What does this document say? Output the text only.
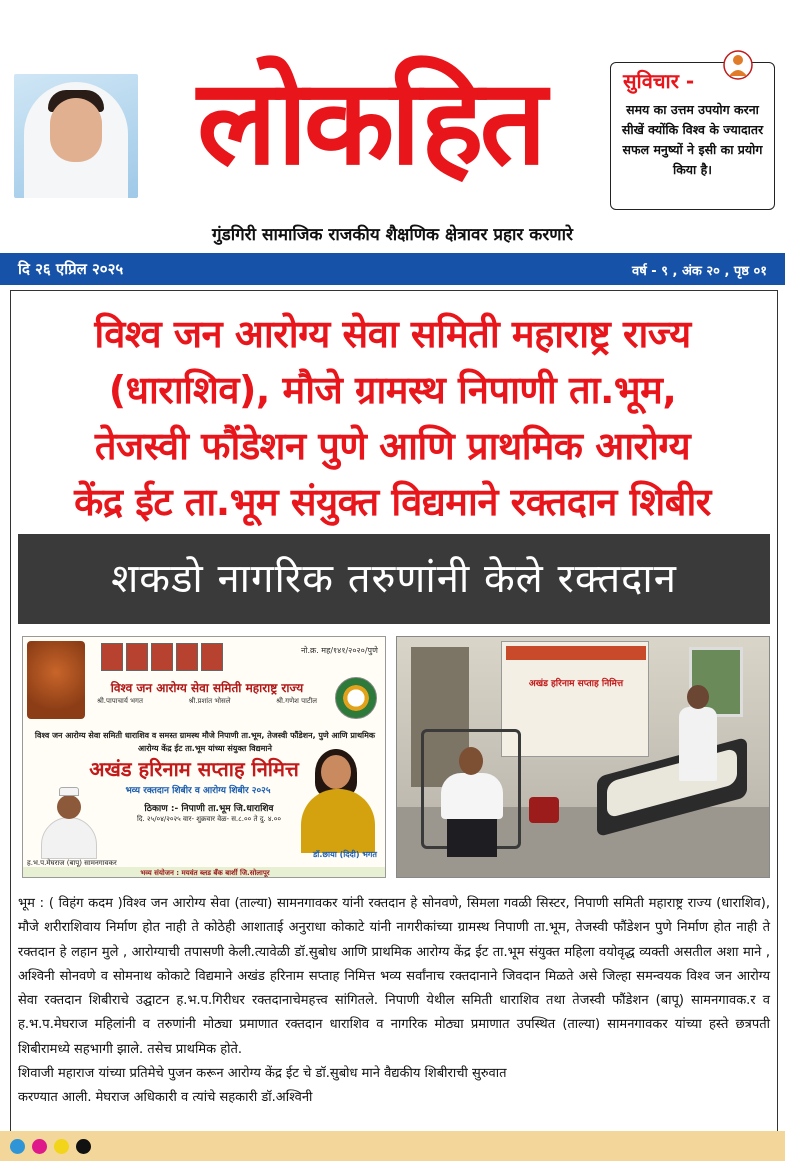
लोकहित	सुविचार -
समय का उत्तम उपयोग करना सीखें क्योंकि विश्व के ज्यादातर सफल मनुष्यों ने इसी का प्रयोग किया है।
गुंडगिरी सामाजिक राजकीय शैक्षणिक क्षेत्रावर प्रहार करणारे
दि २६ एप्रिल २०२५	वर्ष - ९ , अंक २० , पृष्ठ ०१
विश्व जन आरोग्य सेवा समिती महाराष्ट्र राज्य
(धाराशिव), मौजे ग्रामस्थ निपाणी ता.भूम,
तेजस्वी फौंडेशन पुणे आणि प्राथमिक आरोग्य
केंद्र ईट ता.भूम संयुक्त विद्यमाने रक्तदान शिबीर
शकडो नागरिक तरुणांनी केले रक्तदान
नो.क्र. मह/१४१/२०२०/पुणे
विश्व जन आरोग्य सेवा समिती महाराष्ट्र राज्य
श्री.पापाचार्य भगत	श्री.प्रशांत भोसले	श्री.गणेश पाटील
विश्व जन आरोग्य सेवा समिती धाराशिव व समस्त ग्रामस्थ मौजे निपाणी ता.भूम, तेजस्वी फौंडेशन, पुणे आणि प्राथमिक आरोग्य केंद्र ईट ता.भूम यांच्या संयुक्त विद्यमाने
अखंड हरिनाम सप्ताह निमित्त
भव्य रक्तदान शिबीर व आरोग्य शिबीर २०२५
ठिकाण :- निपाणी ता.भूम जि.धाराशिव
दि. २५/०४/२०२५ वार- शुक्रवार वेळ- स.८.०० ते दु. ४.००
ह.भ.प.मेघराज (बापू) सामनगावकर
डॉ.छाया (दिदी) भगत
भव्य संयोजन : मयवंत ब्लड बँक बार्शी जि.सोलापूर
अखंड हरिनाम सप्ताह निमित्त

भूम : ( विहंग कदम )विश्व जन आरोग्य सेवा (ताल्या) सामनगावकर यांनी रक्तदान हे सोनवणे, सिमला गवळी सिस्टर, निपाणी समिती महाराष्ट्र राज्य (धाराशिव), मौजे शरीराशिवाय निर्माण होत नाही ते कोठेही आशाताई अनुराधा कोकाटे यांनी नागरीकांच्या ग्रामस्थ निपाणी ता.भूम, तेजस्वी फौंडेशन पुणे निर्माण होत नाही ते रक्तदान हे लहान मुले , आरोग्याची तपासणी केली.त्यावेळी डॉ.सुबोध आणि प्राथमिक आरोग्य केंद्र ईट ता.भूम संयुक्त महिला वयोवृद्ध व्यक्ती असतील अशा माने , अश्विनी सोनवणे व सोमनाथ कोकाटे विद्यमाने अखंड हरिनाम सप्ताह निमित्त भव्य सर्वांनाच रक्तदानाने जिवदान मिळते असे जिल्हा समन्वयक विश्व जन आरोग्य सेवा रक्तदान शिबीराचे उद्घाटन ह.भ.प.गिरीधर रक्तदानाचेमहत्त्व सांगितले. निपाणी येथील समिती धाराशिव तथा तेजस्वी फौंडेशन (बापू) सामनगावक.र व ह.भ.प.मेघराज महिलांनी व तरुणांनी मोठ्या प्रमाणात रक्तदान धाराशिव व नागरिक मोठ्या प्रमाणात उपस्थित (ताल्या) सामनगावकर यांच्या हस्ते छत्रपती शिबीरामध्ये सहभागी झाले. तसेच प्राथमिक होते.

शिवाजी महाराज यांच्या प्रतिमेचे पुजन करून आरोग्य केंद्र ईट चे डॉ.सुबोध माने वैद्यकीय शिबीराची सुरुवात करण्यात आली. मेघराज अधिकारी व त्यांचे सहकारी डॉ.अश्विनी
